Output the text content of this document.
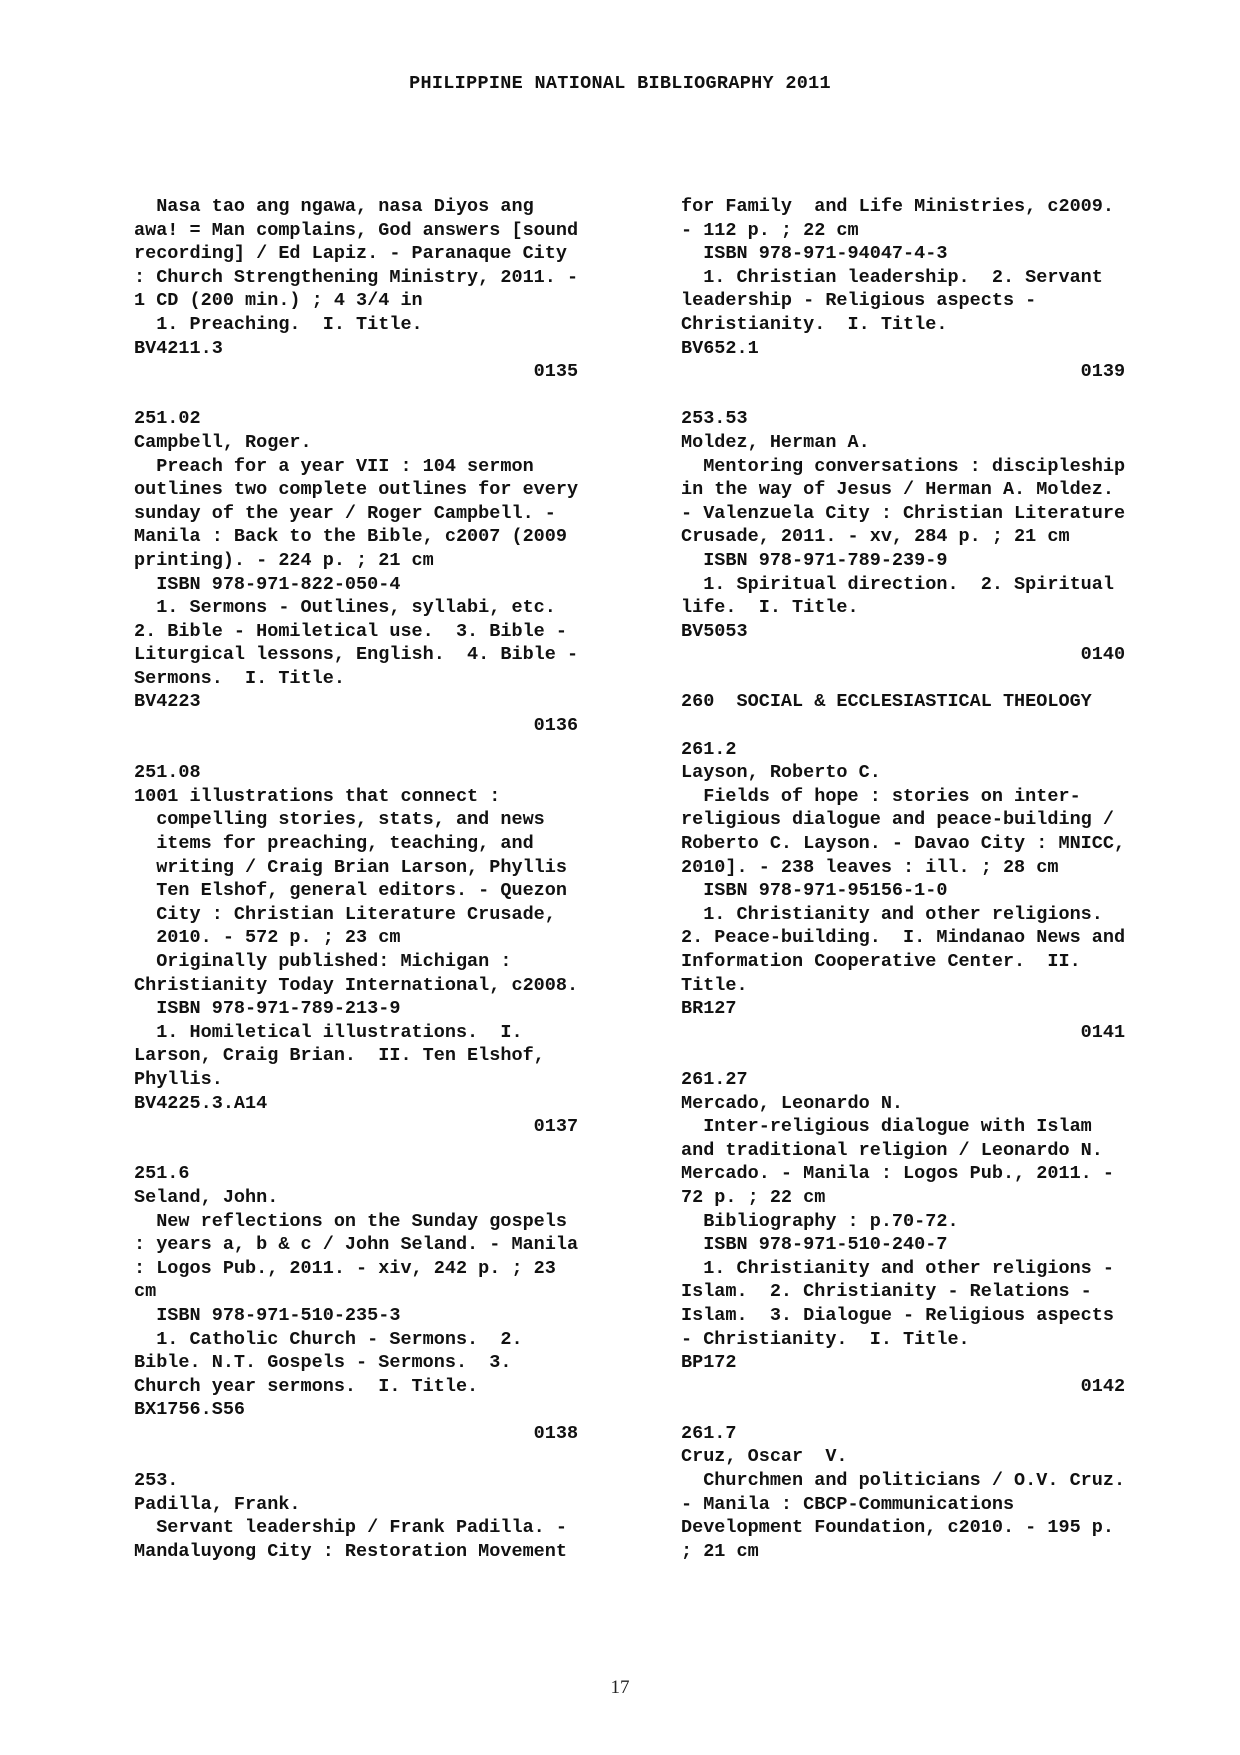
PHILIPPINE NATIONAL BIBLIOGRAPHY 2011
Nasa tao ang ngawa, nasa Diyos ang
awa! = Man complains, God answers [sound
recording] / Ed Lapiz. - Paranaque City
: Church Strengthening Ministry, 2011. -
1 CD (200 min.) ; 4 3/4 in
1. Preaching.  I. Title.
BV4211.3
0135
251.02
Campbell, Roger.
Preach for a year VII : 104 sermon
outlines two complete outlines for every
sunday of the year / Roger Campbell. -
Manila : Back to the Bible, c2007 (2009
printing). - 224 p. ; 21 cm
ISBN 978-971-822-050-4
1. Sermons - Outlines, syllabi, etc.
2. Bible - Homiletical use.  3. Bible -
Liturgical lessons, English.  4. Bible -
Sermons.  I. Title.
BV4223
0136
251.08
1001 illustrations that connect :
compelling stories, stats, and news
items for preaching, teaching, and
writing / Craig Brian Larson, Phyllis
Ten Elshof, general editors. - Quezon
City : Christian Literature Crusade,
2010. - 572 p. ; 23 cm
Originally published: Michigan :
Christianity Today International, c2008.
ISBN 978-971-789-213-9
1. Homiletical illustrations.  I.
Larson, Craig Brian.  II. Ten Elshof,
Phyllis.
BV4225.3.A14
0137
251.6
Seland, John.
New reflections on the Sunday gospels
: years a, b & c / John Seland. - Manila
: Logos Pub., 2011. - xiv, 242 p. ; 23
cm
ISBN 978-971-510-235-3
1. Catholic Church - Sermons.  2.
Bible. N.T. Gospels - Sermons.  3.
Church year sermons.  I. Title.
BX1756.S56
0138
253.
Padilla, Frank.
Servant leadership / Frank Padilla. -
Mandaluyong City : Restoration Movement
for Family  and Life Ministries, c2009.
- 112 p. ; 22 cm
ISBN 978-971-94047-4-3
1. Christian leadership.  2. Servant
leadership - Religious aspects -
Christianity.  I. Title.
BV652.1
0139
253.53
Moldez, Herman A.
Mentoring conversations : discipleship
in the way of Jesus / Herman A. Moldez.
- Valenzuela City : Christian Literature
Crusade, 2011. - xv, 284 p. ; 21 cm
ISBN 978-971-789-239-9
1. Spiritual direction.  2. Spiritual
life.  I. Title.
BV5053
0140
260  SOCIAL & ECCLESIASTICAL THEOLOGY
261.2
Layson, Roberto C.
Fields of hope : stories on inter-
religious dialogue and peace-building /
Roberto C. Layson. - Davao City : MNICC,
2010]. - 238 leaves : ill. ; 28 cm
ISBN 978-971-95156-1-0
1. Christianity and other religions.
2. Peace-building.  I. Mindanao News and
Information Cooperative Center.  II.
Title.
BR127
0141
261.27
Mercado, Leonardo N.
Inter-religious dialogue with Islam
and traditional religion / Leonardo N.
Mercado. - Manila : Logos Pub., 2011. -
72 p. ; 22 cm
Bibliography : p.70-72.
ISBN 978-971-510-240-7
1. Christianity and other religions -
Islam.  2. Christianity - Relations -
Islam.  3. Dialogue - Religious aspects
- Christianity.  I. Title.
BP172
0142
261.7
Cruz, Oscar  V.
Churchmen and politicians / O.V. Cruz.
- Manila : CBCP-Communications
Development Foundation, c2010. - 195 p.
; 21 cm
17
